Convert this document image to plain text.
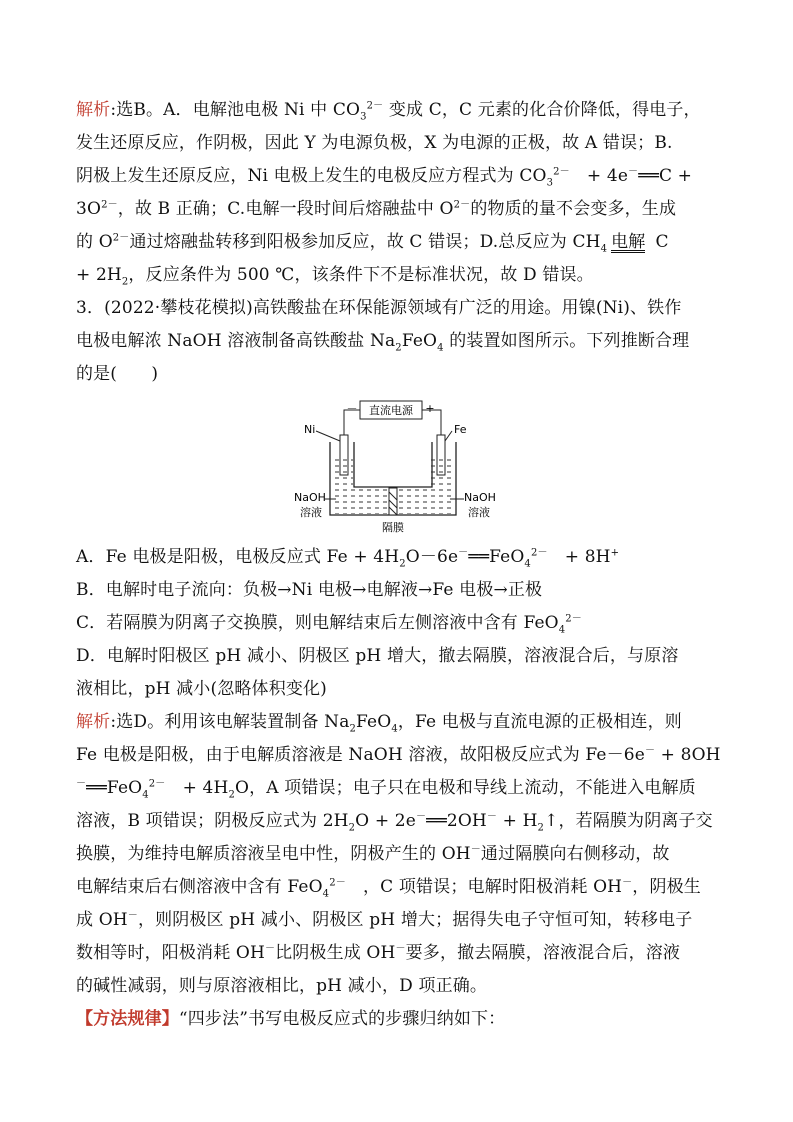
解析:选B。A．电解池电极 Ni 中 $CO_3^{2-}$ 变成 C，C 元素的化合价降低，得电子，
发生还原反应，作阴极，因此 Y 为电源负极，X 为电源的正极，故 A 错误；B.
阴极上发生还原反应，Ni 电极上发生的电极反应方程式为 $CO_3^{2-}$　+ 4e－══C +
$3O^{2-}$，故 B 正确；C.电解一段时间后熔融盐中 $O^{2-}$的物质的量不会变多，生成
的 $O^{2-}$通过熔融盐转移到阳极参加反应，故 C 错误；D.总反应为 $CH_4$ 电解 C
+ $2H_2$，反应条件为 500 ℃，该条件下不是标准状况，故 D 错误。
3．(2022·攀枝花模拟)高铁酸盐在环保能源领域有广泛的用途。用镍(Ni)、铁作
电极电解浓 NaOH 溶液制备高铁酸盐 $Na_2FeO_4$ 的装置如图所示。下列推断合理
的是(　　)
直流电源
－	+
Ni	Fe
NaOH
溶液
NaOH
溶液
隔膜
A．Fe 电极是阳极，电极反应式 $Fe + 4H_2O-6e^-══FeO_4^{2-}$　+ 8H+
B．电解时电子流向：负极→Ni 电极→电解液→Fe 电极→正极
C．若隔膜为阴离子交换膜，则电解结束后左侧溶液中含有 FeO$_4^{2-}$
D．电解时阳极区 pH 减小、阴极区 pH 增大，撤去隔膜，溶液混合后，与原溶
液相比，pH 减小(忽略体积变化)
解析:选D。利用该电解装置制备 $Na_2FeO_4$，Fe 电极与直流电源的正极相连，则
Fe 电极是阳极，由于电解质溶液是 NaOH 溶液，故阳极反应式为 Fe－6e－ + 8OH
－══FeO$_4^{2-}$　+ $4H_2O$，A 项错误；电子只在电极和导线上流动，不能进入电解质
溶液，B 项错误；阴极反应式为 $2H_2O$ + 2e－══2OH－ + $H_2↑$，若隔膜为阴离子交
换膜，为维持电解质溶液呈电中性，阴极产生的 OH－通过隔膜向右侧移动，故
电解结束后右侧溶液中含有 FeO$_4^{2-}$　，C 项错误；电解时阳极消耗 OH－，阴极生
成 OH－，则阴极区 pH 减小、阴极区 pH 增大；据得失电子守恒可知，转移电子
数相等时，阳极消耗 OH－比阴极生成 OH－要多，撤去隔膜，溶液混合后，溶液
的碱性减弱，则与原溶液相比，pH 减小，D 项正确。
【方法规律】“四步法”书写电极反应式的步骤归纳如下：
